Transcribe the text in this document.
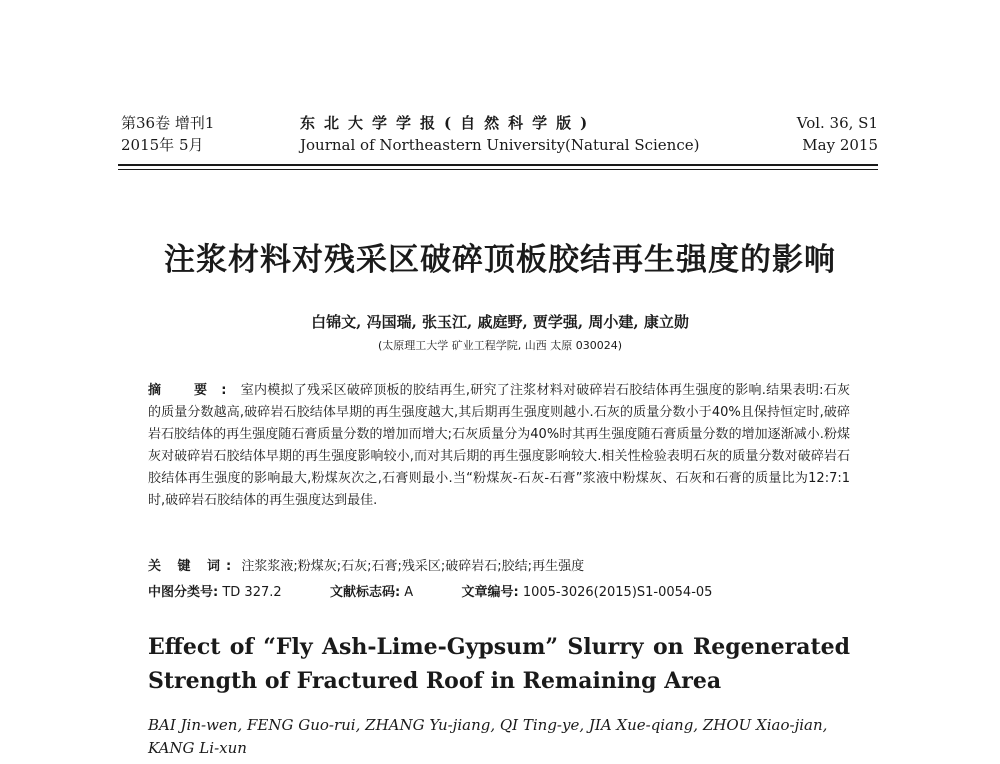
第36卷 增刊1
2015年 5月
东北大学学报(自然科学版)
Journal of Northeastern University(Natural Science)
Vol. 36, S1
May 2015
注浆材料对残采区破碎顶板胶结再生强度的影响
白锦文, 冯国瑞, 张玉江, 戚庭野, 贾学强, 周小建, 康立勋
(太原理工大学 矿业工程学院, 山西 太原 030024)
摘 要:室内模拟了残采区破碎顶板的胶结再生,研究了注浆材料对破碎岩石胶结体再生强度的影响.结果表明:石灰的质量分数越高,破碎岩石胶结体早期的再生强度越大,其后期再生强度则越小.石灰的质量分数小于40%且保持恒定时,破碎岩石胶结体的再生强度随石膏质量分数的增加而增大;石灰质量分为40%时其再生强度随石膏质量分数的增加逐渐减小.粉煤灰对破碎岩石胶结体早期的再生强度影响较小,而对其后期的再生强度影响较大.相关性检验表明石灰的质量分数对破碎岩石胶结体再生强度的影响最大,粉煤灰次之,石膏则最小.当“粉煤灰-石灰-石膏”浆液中粉煤灰、石灰和石膏的质量比为12:7:1时,破碎岩石胶结体的再生强度达到最佳.
关 键 词: 注浆浆液;粉煤灰;石灰;石膏;残采区;破碎岩石;胶结;再生强度
中图分类号: TD 327.2	文献标志码: A	文章编号: 1005-3026(2015)S1-0054-05
Effect of “Fly Ash-Lime-Gypsum” Slurry on Regenerated Strength of Fractured Roof in Remaining Area
BAI Jin-wen, FENG Guo-rui, ZHANG Yu-jiang, QI Ting-ye, JIA Xue-qiang, ZHOU Xiao-jian, KANG Li-xun
